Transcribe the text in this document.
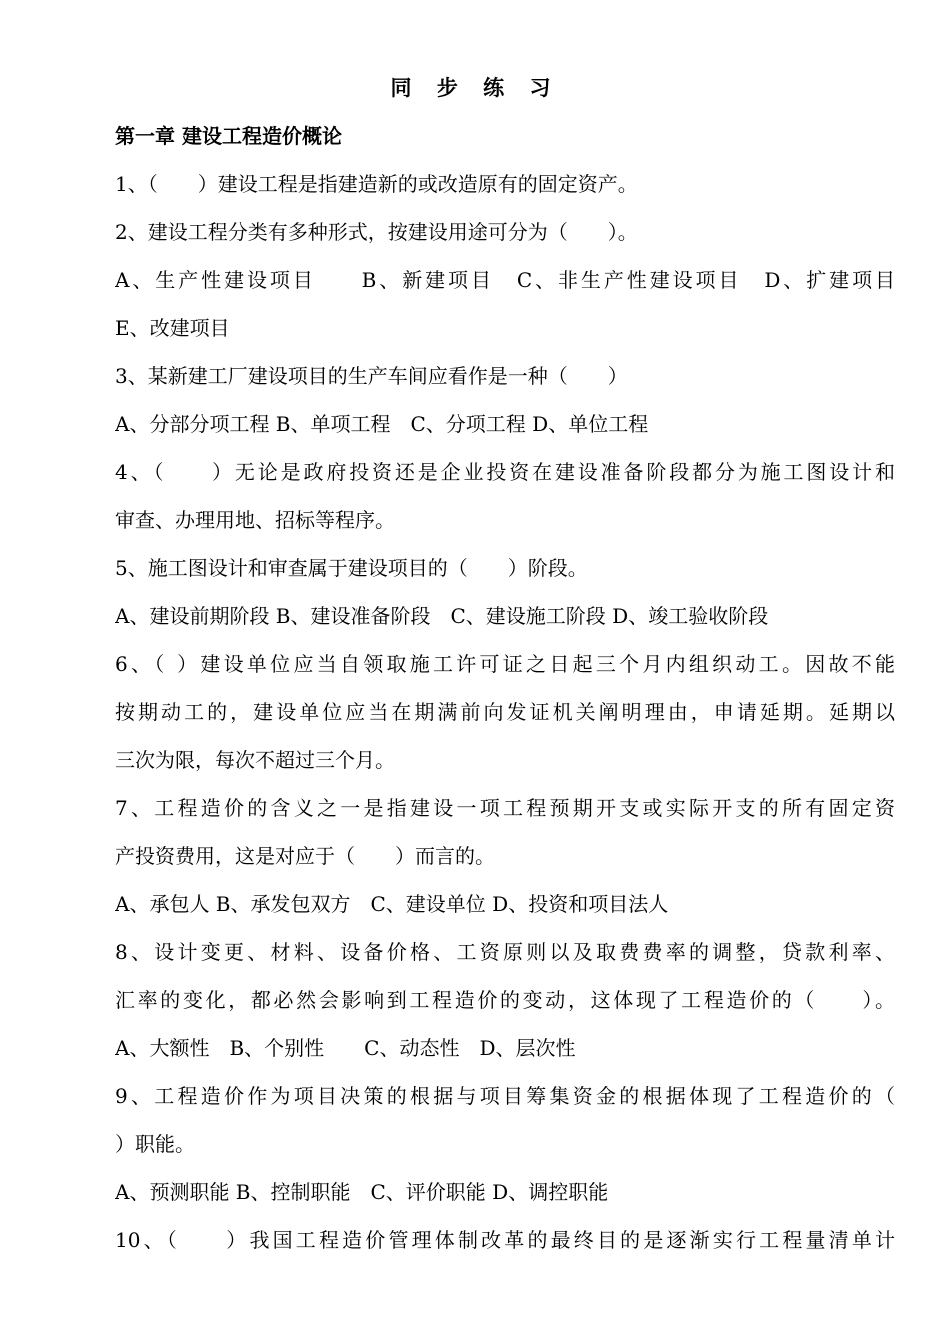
同 步 练 习
第一章 建设工程造价概论
1、（　　）建设工程是指建造新的或改造原有的固定资产。
2、建设工程分类有多种形式，按建设用途可分为（　　）。
A、生产性建设项目　　B、新建项目　C、非生产性建设项目　D、扩建项目
E、改建项目
3、某新建工厂建设项目的生产车间应看作是一种（　　）
A、分部分项工程 B、单项工程　C、分项工程 D、单位工程
4、（　　）无论是政府投资还是企业投资在建设准备阶段都分为施工图设计和
审查、办理用地、招标等程序。
5、施工图设计和审查属于建设项目的（　　）阶段。
A、建设前期阶段 B、建设准备阶段　C、建设施工阶段 D、竣工验收阶段
6、（ ）建设单位应当自领取施工许可证之日起三个月内组织动工。因故不能
按期动工的，建设单位应当在期满前向发证机关阐明理由，申请延期。延期以
三次为限，每次不超过三个月。
7、工程造价的含义之一是指建设一项工程预期开支或实际开支的所有固定资
产投资费用，这是对应于（　　）而言的。
A、承包人 B、承发包双方　C、建设单位 D、投资和项目法人
8、设计变更、材料、设备价格、工资原则以及取费费率的调整，贷款利率、
汇率的变化，都必然会影响到工程造价的变动，这体现了工程造价的（　　）。
A、大额性　B、个别性　　C、动态性　D、层次性
9、工程造价作为项目决策的根据与项目筹集资金的根据体现了工程造价的（
）职能。
A、预测职能 B、控制职能　C、评价职能 D、调控职能
10、（　　）我国工程造价管理体制改革的最终目的是逐渐实行工程量清单计
